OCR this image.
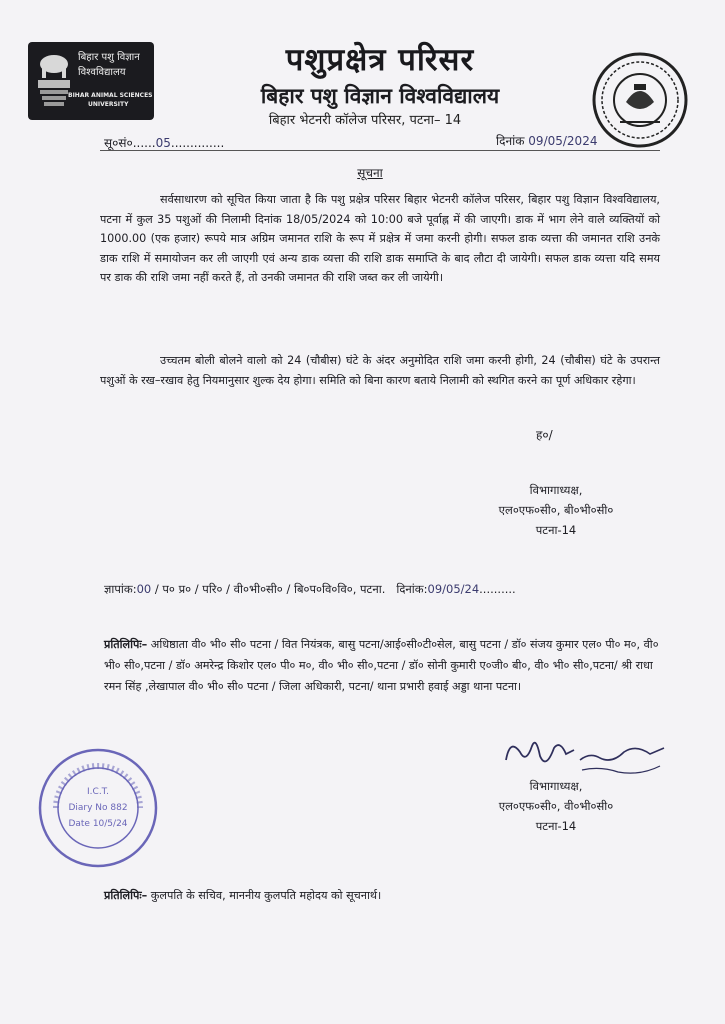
बिहार पशु विज्ञान
विश्वविद्यालय
BIHAR ANIMAL SCIENCES
UNIVERSITY
पशुप्रक्षेत्र परिसर
बिहार पशु विज्ञान विश्वविद्यालय
बिहार भेटनरी कॉलेज परिसर, पटना– 14
सू०सं०......05..............	दिनांक 09/05/2024
सूचना

सर्वसाधारण को सूचित किया जाता है कि पशु प्रक्षेत्र परिसर बिहार भेटनरी कॉलेज परिसर, बिहार पशु विज्ञान विश्वविद्यालय, पटना में कुल 35 पशुओं की निलामी दिनांक 18/05/2024 को 10:00 बजे पूर्वाह्न में की जाएगी। डाक में भाग लेने वाले व्यक्तियों को 1000.00 (एक हजार) रूपये मात्र अग्रिम जमानत राशि के रूप में प्रक्षेत्र में जमा करनी होगी। सफल डाक व्यत्ता की जमानत राशि उनके डाक राशि में समायोजन कर ली जाएगी एवं अन्य डाक व्यत्ता की राशि डाक समाप्ति के बाद लौटा दी जायेगी। सफल डाक व्यत्ता यदि समय पर डाक की राशि जमा नहीं करते हैं, तो उनकी जमानत की राशि जब्त कर ली जायेगी।

उच्चतम बोली बोलने वालो को 24 (चौबीस) घंटे के अंदर अनुमोदित राशि जमा करनी होगी, 24 (चौबीस) घंटे के उपरान्त पशुओं के रख–रखाव हेतु नियमानुसार शुल्क देय होगा। समिति को बिना कारण बताये निलामी को स्थगित करने का पूर्ण अधिकार रहेगा।

ह०/
विभागाध्यक्ष,
एल०एफ०सी०, बी०भी०सी०
पटना-14
ज्ञापांक:00 / प० प्र० / परि० / वी०भी०सी० / बि०प०वि०वि०, पटना. दिनांक:09/05/24..........

प्रतिलिपिः– अधिष्ठाता वी० भी० सी० पटना / वित नियंत्रक, बासु पटना/आई०सी०टी०सेल, बासु पटना / डॉ० संजय कुमार एल० पी० म०, वी० भी० सी०,पटना / डॉ० अमरेन्द्र किशोर एल० पी० म०, वी० भी० सी०,पटना / डॉ० सोनी कुमारी ए०जी० बी०, वी० भी० सी०,पटना/ श्री राधा रमन सिंह ,लेखापाल वी० भी० सी० पटना / जिला अधिकारी, पटना/ थाना प्रभारी हवाई अड्डा थाना पटना।

विभागाध्यक्ष,
एल०एफ०सी०, वी०भी०सी०
पटना-14
I.C.T.
Diary No 882
Date 10/5/24

प्रतिलिपिः– कुलपति के सचिव, माननीय कुलपति महोदय को सूचनार्थ।
